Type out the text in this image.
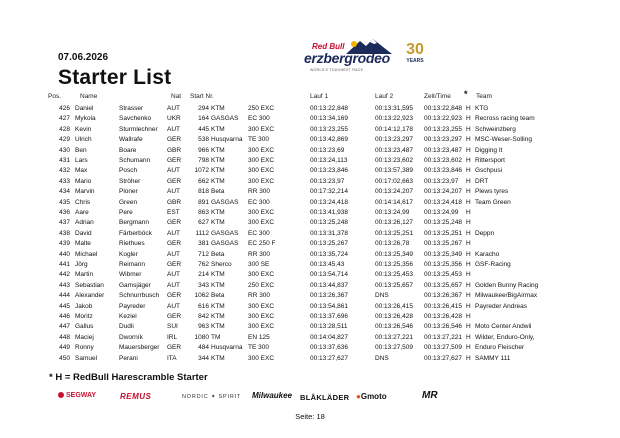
07.06.2026
Starter List
Red Bull
erzbergrodeo
WORLD'S TOUGHEST RACE
30
YEARS
Pos.	Name	Nat Start Nr.	Lauf 1	Lauf 2	Zeit/Time * Team
426 Daniel	Strasser	AUT	294 KTM	250 EXC	00:13:22,848	00:13:31,595 00:13:22,848 H KTG
427 Mykola	Savchenko UKR	164 GASGAS EC 300	00:13:34,169	00:13:22,923 00:13:22,923 H Recross racing team
428 Kevin	Sturmlechner AUT	445 KTM	300 EXC	00:13:23,255	00:14:12,178 00:13:23,255 H Schweinzberg
429 Ulrich	Wallrafe	GER	538 Husqvarna TE 300	00:13:42,869	00:13:23,297 00:13:23,297 H MSC-Weser-Solling
430 Ben	Boare	GBR	966 KTM	300 EXC	00:13:23,69	00:13:23,487 00:13:23,487 H Digging It
431 Lars	Schumann	GER	798 KTM	300 EXC	00:13:24,113	00:13:23,602 00:13:23,602 H Rittersport
432 Max	Posch	AUT	1072 KTM	300 EXC	00:13:23,846	00:13:57,389 00:13:23,846 H Gschpusi
433 Mario	Ströher	GER	662 KTM	300 EXC	00:13:23,97	00:17:02,663 00:13:23,97 H DRT
434 Marvin	Ploner	AUT	818 Beta	RR 300	00:17:32,214	00:13:24,207 00:13:24,207 H Plews tyres
435 Chris	Green	GBR	891 GASGAS EC 300	00:13:24,418	00:14:14,617 00:13:24,418 H Team Green
436 Aare	Pere	EST	863 KTM	300 EXC	00:13:41,938	00:13:24,99 00:13:24,99 H
437 Adrian	Bergmann	GER	627 KTM	300 EXC	00:13:25,248	00:13:26,127 00:13:25,248 H
438 David	Färberböck AUT	1112 GASGAS EC 300	00:13:31,378	00:13:25,251 00:13:25,251 H Deppn
439 Malte	Riethues	GER	381 GASGAS EC 250 F	00:13:25,267	00:13:26,78 00:13:25,267 H
440 Michael	Kogler	AUT	712 Beta	RR 300	00:13:35,724	00:13:25,349 00:13:25,349 H Karacho
441 Jörg	Reimann	GER	762 Sherco	300 SE	00:13:45,43	00:13:25,356 00:13:25,356 H GSF-Racing
442 Martin	Wibmer	AUT	214 KTM	300 EXC	00:13:54,714	00:13:25,453 00:13:25,453 H
443 Sebastian Gamsjäger AUT	343 KTM	250 EXC	00:13:44,837	00:13:25,657 00:13:25,657 H Golden Bunny Racing
444 Alexander Schnurrbusch GER	1062 Beta	RR 300	00:13:26,367	DNS	00:13:26,367 H Milwaukee/BigAirmax
445 Jakob	Payreder	AUT	616 KTM	300 EXC	00:13:54,861	00:13:26,415 00:13:26,415 H Payreder Andreas
446 Moritz	Keziel	GER	842 KTM	300 EXC	00:13:37,696	00:13:26,428 00:13:26,428 H
447 Gallus	Dudli	SUI	963 KTM	300 EXC	00:13:28,511	00:13:26,546 00:13:26,546 H Moto Center Andwil
448 Maciej	Dworník	IRL	1080 TM	EN 125	00:14:04,827	00:13:27,221 00:13:27,221 H Wilder, Enduro-Only,
449 Ronny	Mauersberger GER	484 Husqvarna TE 300	00:13:37,636	00:13:27,509 00:13:27,509 H Enduro Fleischer
450 Samuel	Perani	ITA	344 KTM	300 EXC	00:13:27,627	DNS	00:13:27,627 H SAMMY 111
* H = RedBull Harescramble Starter
SEGWAY	REMUS	NORDIC ✦ SPIRIT Milwaukee BLÅKLÄDER ●Gmoto	MR
Seite: 18
